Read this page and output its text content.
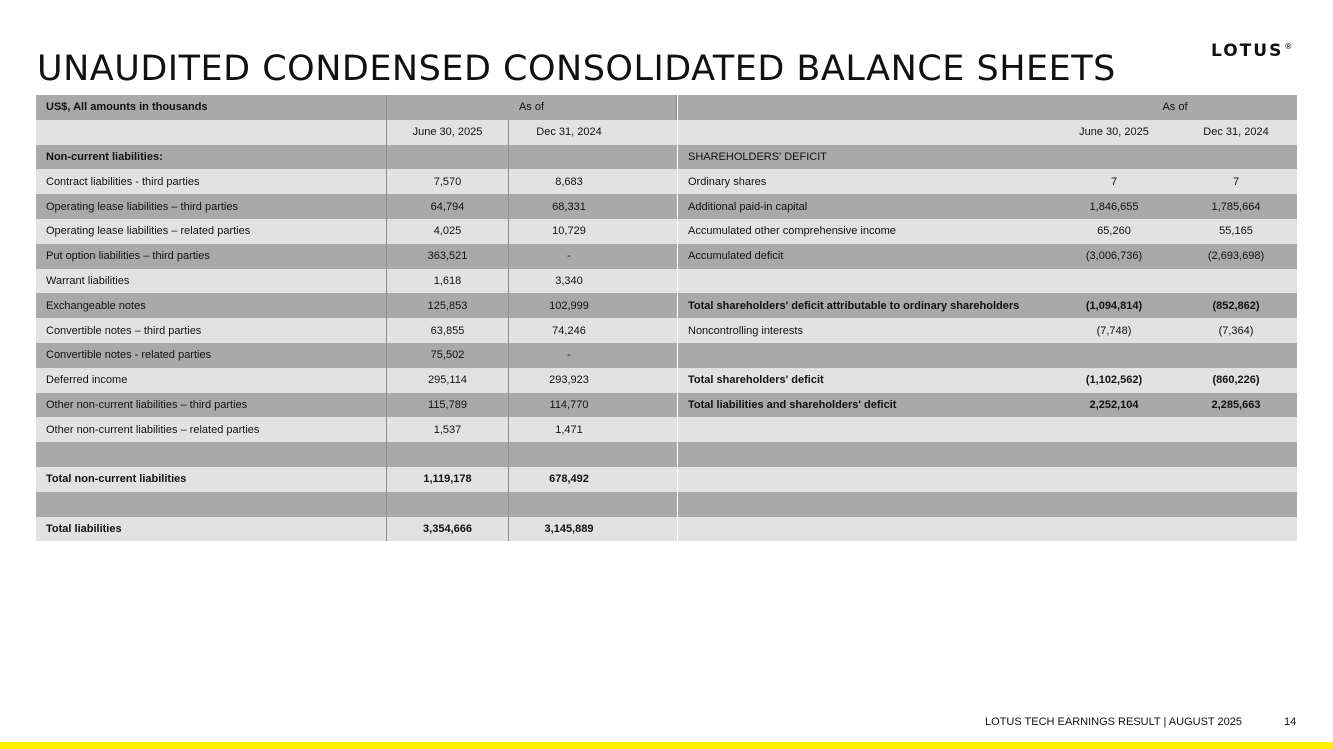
UNAUDITED CONDENSED CONSOLIDATED BALANCE SHEETS	LOTUS®
US$, All amounts in thousands	As of
June 30, 2025	Dec 31, 2024
Non-current liabilities:
Contract liabilities - third parties	7,570	8,683
Operating lease liabilities – third parties	64,794	68,331
Operating lease liabilities – related parties	4,025	10,729
Put option liabilities – third parties	363,521	-
Warrant liabilities	1,618	3,340
Exchangeable notes	125,853	102,999
Convertible notes – third parties	63,855	74,246
Convertible notes - related parties	75,502	-
Deferred income	295,114	293,923
Other non-current liabilities – third parties	115,789	114,770
Other non-current liabilities – related parties	1,537	1,471
Total non-current liabilities	1,119,178	678,492
Total liabilities	3,354,666	3,145,889
As of
June 30, 2025	Dec 31, 2024
SHAREHOLDERS' DEFICIT
Ordinary shares	7	7
Additional paid-in capital	1,846,655	1,785,664
Accumulated other comprehensive income	65,260	55,165
Accumulated deficit	(3,006,736)	(2,693,698)
Total shareholders' deficit attributable to ordinary shareholders	(1,094,814)	(852,862)
Noncontrolling interests	(7,748)	(7,364)
Total shareholders' deficit	(1,102,562)	(860,226)
Total liabilities and shareholders' deficit	2,252,104	2,285,663
LOTUS TECH EARNINGS RESULT | AUGUST 2025	14
